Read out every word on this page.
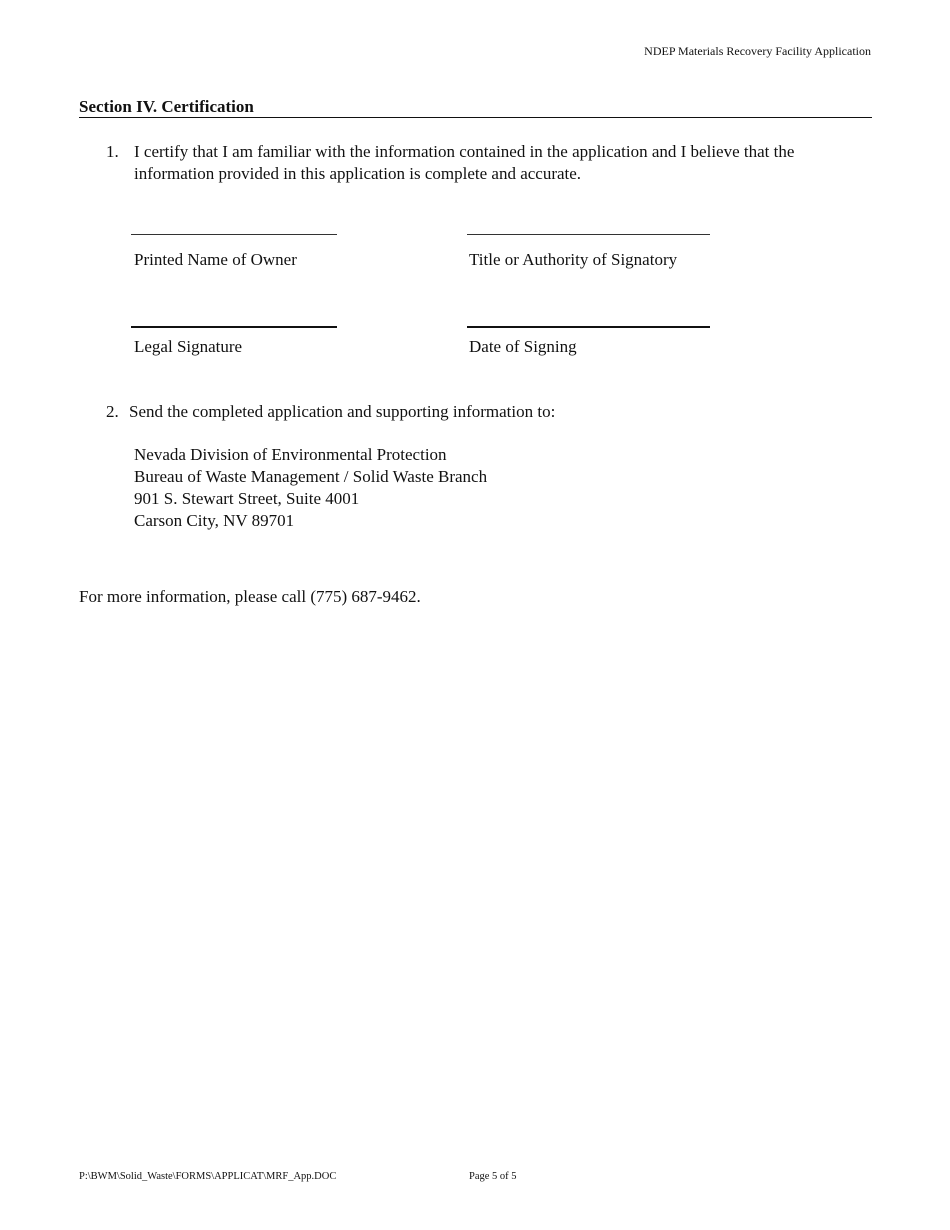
NDEP Materials Recovery Facility Application
Section IV. Certification
1. I certify that I am familiar with the information contained in the application and I believe that the
information provided in this application is complete and accurate.
Printed Name of Owner	Title or Authority of Signatory
Legal Signature	Date of Signing
2. Send the completed application and supporting information to:
Nevada Division of Environmental Protection
Bureau of Waste Management / Solid Waste Branch
901 S. Stewart Street, Suite 4001
Carson City, NV 89701
For more information, please call (775) 687-9462.
P:\BWM\Solid_Waste\FORMS\APPLICAT\MRF_App.DOC	Page 5 of 5
